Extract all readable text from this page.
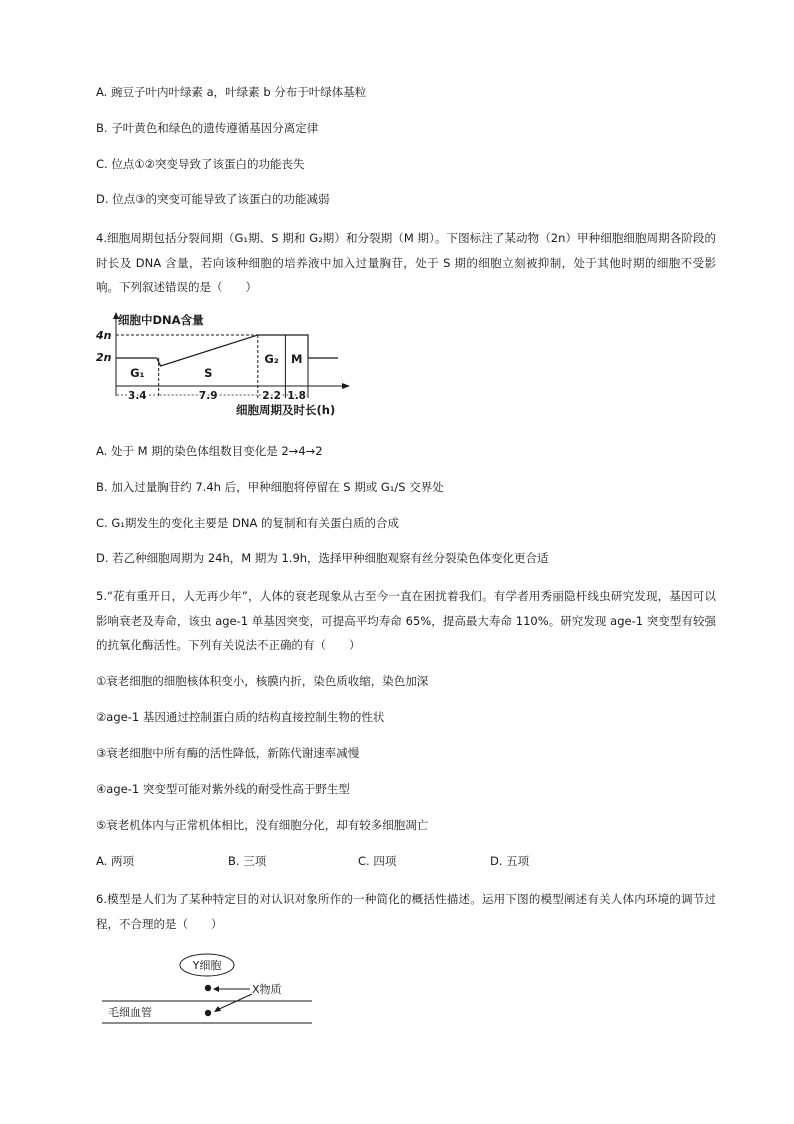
A. 豌豆子叶内叶绿素 a，叶绿素 b 分布于叶绿体基粒
B. 子叶黄色和绿色的遗传遵循基因分离定律
C. 位点①②突变导致了该蛋白的功能丧失
D. 位点③的突变可能导致了该蛋白的功能减弱
4.细胞周期包括分裂间期（G₁期、S 期和 G₂期）和分裂期（M 期）。下图标注了某动物（2n）甲种细胞细胞周期各阶段的时长及 DNA 含量，若向该种细胞的培养液中加入过量胸苷，处于 S 期的细胞立刻被抑制，处于其他时期的细胞不受影响。下列叙述错误的是（　　）
细胞中DNA含量
4n
2n
G₁	S
G₂ M
3.4	7.9	2.2 1.8
细胞周期及时长(h)
A. 处于 M 期的染色体组数目变化是 2→4→2
B. 加入过量胸苷约 7.4h 后，甲种细胞将停留在 S 期或 G₁/S 交界处
C. G₁期发生的变化主要是 DNA 的复制和有关蛋白质的合成
D. 若乙种细胞周期为 24h，M 期为 1.9h，选择甲种细胞观察有丝分裂染色体变化更合适
5.“花有重开日，人无再少年”，人体的衰老现象从古至今一直在困扰着我们。有学者用秀丽隐杆线虫研究发现，基因可以影响衰老及寿命，该虫 age-1 单基因突变，可提高平均寿命 65%，提高最大寿命 110%。研究发现 age-1 突变型有较强的抗氧化酶活性。下列有关说法不正确的有（　　）
①衰老细胞的细胞核体积变小，核膜内折，染色质收缩，染色加深
②age-1 基因通过控制蛋白质的结构直接控制生物的性状
③衰老细胞中所有酶的活性降低，新陈代谢速率减慢
④age-1 突变型可能对紫外线的耐受性高于野生型
⑤衰老机体内与正常机体相比，没有细胞分化，却有较多细胞凋亡
A. 两项	B. 三项	C. 四项	D. 五项
6.模型是人们为了某种特定目的对认识对象所作的一种简化的概括性描述。运用下图的模型阐述有关人体内环境的调节过程，不合理的是（　　）
Y细胞
X物质
毛细血管
